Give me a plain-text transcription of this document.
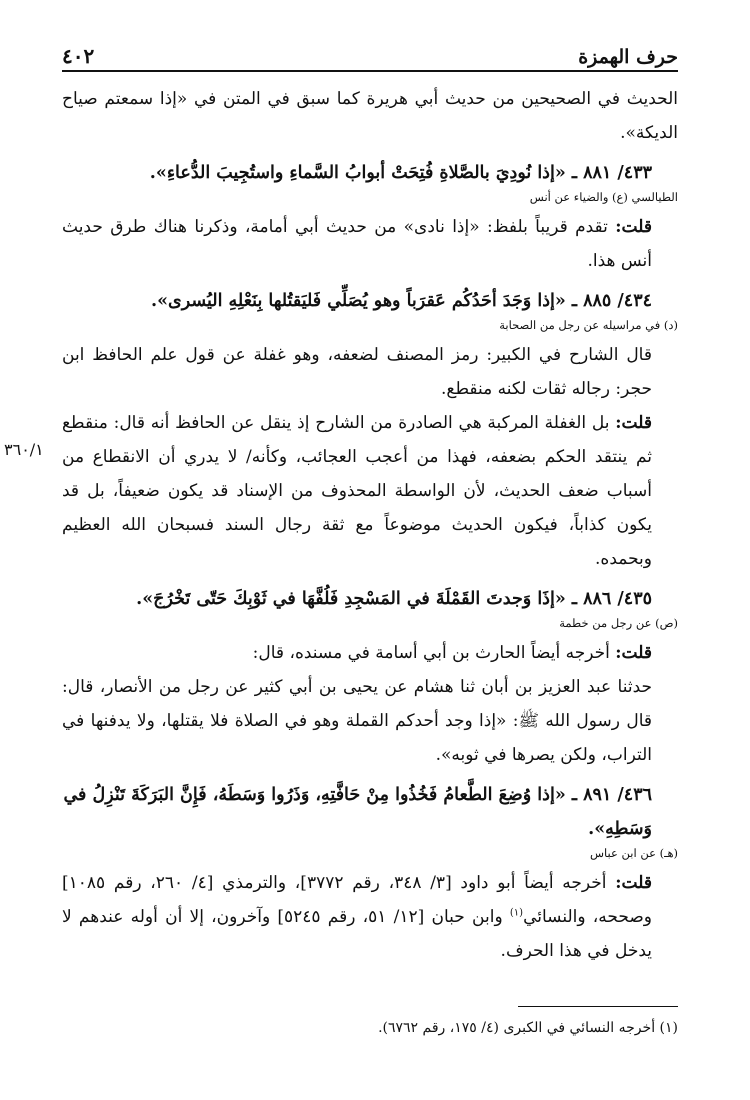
حرف الهمزة
٤٠٢

الحديث في الصحيحين من حديث أبي هريرة كما سبق في المتن في «إذا سمعتم صياح الديكة».

٤٣٣/ ٨٨١ ـ «إذا نُودِيَ بالصَّلاةِ فُتِحَتْ أبوابُ السَّماءِ واستُجِيبَ الدُّعاءِ».

الطيالسي (ع) والضياء عن أنس

قلت: تقدم قريباً بلفظ: «إذا نادى» من حديث أبي أمامة، وذكرنا هناك طرق حديث أنس هذا.

٤٣٤/ ٨٨٥ ـ «إذا وَجَدَ أحَدُكُم عَقرَباً وهو يُصَلِّي فَليَقتُلها بِنَعْلِهِ اليُسرى».

(د) في مراسيله عن رجل من الصحابة

قال الشارح في الكبير: رمز المصنف لضعفه، وهو غفلة عن قول علم الحافظ ابن حجر: رجاله ثقات لكنه منقطع.

٣٦٠/١

قلت: بل الغفلة المركبة هي الصادرة من الشارح إذ ينقل عن الحافظ أنه قال: منقطع ثم ينتقد الحكم بضعفه، فهذا من أعجب العجائب، وكأنه/ لا يدري أن الانقطاع من أسباب ضعف الحديث، لأن الواسطة المحذوف من الإسناد قد يكون ضعيفاً، بل قد يكون كذاباً، فيكون الحديث موضوعاً مع ثقة رجال السند فسبحان الله العظيم وبحمده.

٤٣٥/ ٨٨٦ ـ «إذَا وَجدتَ القَمْلَةَ في المَسْجِدِ فَلُفَّهَا في ثَوْبِكَ حَتّى تَخْرُجَ».

(ص) عن رجل من خطمة

قلت: أخرجه أيضاً الحارث بن أبي أسامة في مسنده، قال:

حدثنا عبد العزيز بن أبان ثنا هشام عن يحيى بن أبي كثير عن رجل من الأنصار، قال: قال رسول الله ﷺ: «إذا وجد أحدكم القملة وهو في الصلاة فلا يقتلها، ولا يدفنها في التراب، ولكن يصرها في ثوبه».

٤٣٦/ ٨٩١ ـ «إذا وُضِعَ الطَّعامُ فَخُذُوا مِنْ حَافَّتِهِ، وَذَرُوا وَسَطَهُ، فَإِنَّ البَرَكَةَ تَنْزِلُ في وَسَطِهِ».

(هـ) عن ابن عباس

قلت: أخرجه أيضاً أبو داود [٣/ ٣٤٨، رقم ٣٧٧٢]، والترمذي [٤/ ٢٦٠، رقم ١٠٨٥] وصححه، والنسائي$^{(١)}$ وابن حبان [١٢/ ٥١، رقم ٥٢٤٥] وآخرون، إلا أن أوله عندهم لا يدخل في هذا الحرف.

(١) أخرجه النسائي في الكبرى (٤/ ١٧٥، رقم ٦٧٦٢).
